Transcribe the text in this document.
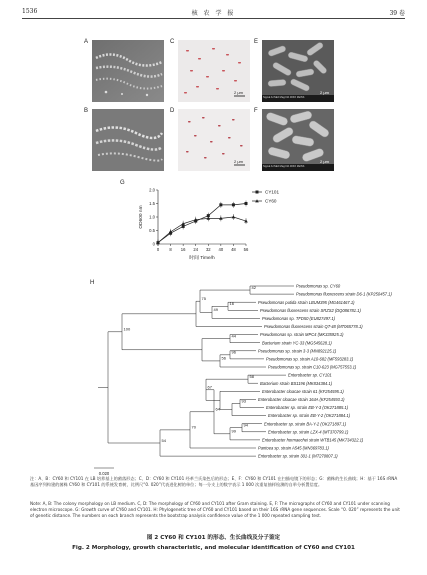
1536	核 农 学 报	39 卷
A
B
2 μm
C
2 μm
D
Signal A=SE2 Mag=10.00KX ZEISS
2 μm
E
Signal A=SE2 Mag=10.00KX ZEISS
2 μm
F
G
0
0.5
1.0
1.5
2.0
0 8 16 24 32 40 48 56
时间 Time/h
OD600 nm
CY101
CY60
H
Pseudomonas sp. CY60
Pseudomonas fluorescens strain D6-1 (KP250457.1)
Pseudomonas putida strain LBUM395 (MG461467.1)
Pseudomonas fluorescens strain SRZS2 (DQ086781.1)
Pseudomonas sp. TFD50 (EU827497.1)
Pseudomonas fluorescens strain QT-48 (MT065778.1)
Pseudomonas sp. strain MPC4 (MK335925.1)
Bacterium strain YC-33 (MG545628.1)
Pseudomonas sp. strain 3-3 (MN892125.1)
Pseudomonas sp. strain A10-682 (MF593283.1)
Pseudomonas sp. strain C10-623 (MG757553.1)
Enterobacter sp. CY101
Bacterium strain BS1196 (MK834384.1)
Enterobacter cloacae strain 61 (KF254595.1)
Enterobacter cloacae strain 164A (KF254593.1)
Enterobacter sp. strain EB-Y-3 (OK271885.1)
Enterobacter sp. strain EB-Y-2 (OK271884.1)
Enterobacter sp. strain BA-Y-2 (OK271897.1)
Enterobacter sp. strain LZX-4 (MT370799.1)
Enterobacter hormaechei strain WTB145 (MK734322.1)
Pantoea sp. strain A545 (MN369783.1)
Enterobacter sp. strain 301-1 (MT270807.1)
42
16
49
75
44
96
56
100
58
93
67
94
99
64
70
54
0.020
注：A、B：CY60 和 CY101 在 LB 培养基上的菌落形态；C、D：CY60 和 CY101 经革兰氏染色后的形态；E、F：CY60 和 CY101 在扫描电镜下的形态；G：菌株的生长曲线；H：基于 16S rRNA 基因序列构建的菌株 CY60 和 CY101 的系统发育树，比例尺“0. 020”代表进化树的单位；每一分支上的数字表示 1 000 次重复抽样检测的自举分析置信度。
Note: A, B: The colony morphology on LB medium. C, D: The morphology of CY60 and CY101 after Gram staining. E, F: The micrographs of CY60 and CY101 under scanning electron microscope. G: Growth curve of CY60 and CY101. H: Phylogenetic tree of CY60 and CY101 based on their 16S rRNA gene sequences. Scale “0. 020” represents the unit of genetic distance. The numbers on each branch represents the bootstrap analysis confidence value of the 1 000 repeated sampling test.
图 2 CY60 和 CY101 的形态、生长曲线及分子鉴定
Fig. 2 Morphology, growth characteristic, and molecular identification of CY60 and CY101
